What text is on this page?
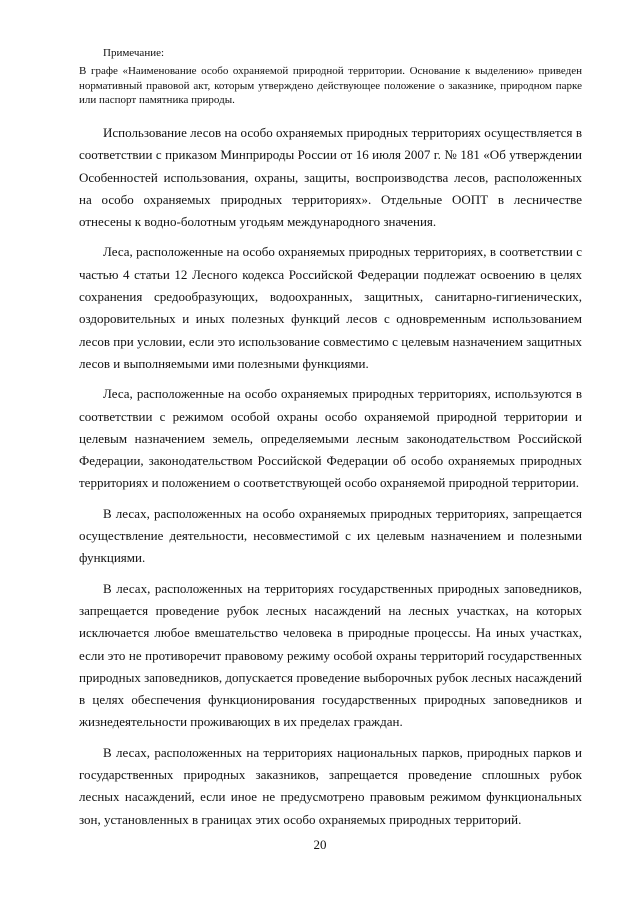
Примечание:
В графе «Наименование особо охраняемой природной территории. Основание к выделению» приведен нормативный правовой акт, которым утверждено действующее положение о заказнике, природном парке или паспорт памятника природы.

Использование лесов на особо охраняемых природных территориях осуществляется в соответствии с приказом Минприроды России от 16 июля 2007 г. № 181 «Об утверждении Особенностей использования, охраны, защиты, воспроизводства лесов, расположенных на особо охраняемых природных территориях». Отдельные ООПТ в лесничестве отнесены к водно-болотным угодьям международного значения.

Леса, расположенные на особо охраняемых природных территориях, в соответствии с частью 4 статьи 12 Лесного кодекса Российской Федерации подлежат освоению в целях сохранения средообразующих, водоохранных, защитных, санитарно-гигиенических, оздоровительных и иных полезных функций лесов с одновременным использованием лесов при условии, если это использование совместимо с целевым назначением защитных лесов и выполняемыми ими полезными функциями.

Леса, расположенные на особо охраняемых природных территориях, используются в соответствии с режимом особой охраны особо охраняемой природной территории и целевым назначением земель, определяемыми лесным законодательством Российской Федерации, законодательством Российской Федерации об особо охраняемых природных территориях и положением о соответствующей особо охраняемой природной территории.

В лесах, расположенных на особо охраняемых природных территориях, запрещается осуществление деятельности, несовместимой с их целевым назначением и полезными функциями.

В лесах, расположенных на территориях государственных природных заповедников, запрещается проведение рубок лесных насаждений на лесных участках, на которых исключается любое вмешательство человека в природные процессы. На иных участках, если это не противоречит правовому режиму особой охраны территорий государственных природных заповедников, допускается проведение выборочных рубок лесных насаждений в целях обеспечения функционирования государственных природных заповедников и жизнедеятельности проживающих в их пределах граждан.

В лесах, расположенных на территориях национальных парков, природных парков и государственных природных заказников, запрещается проведение сплошных рубок лесных насаждений, если иное не предусмотрено правовым режимом функциональных зон, установленных в границах этих особо охраняемых природных территорий.

20
